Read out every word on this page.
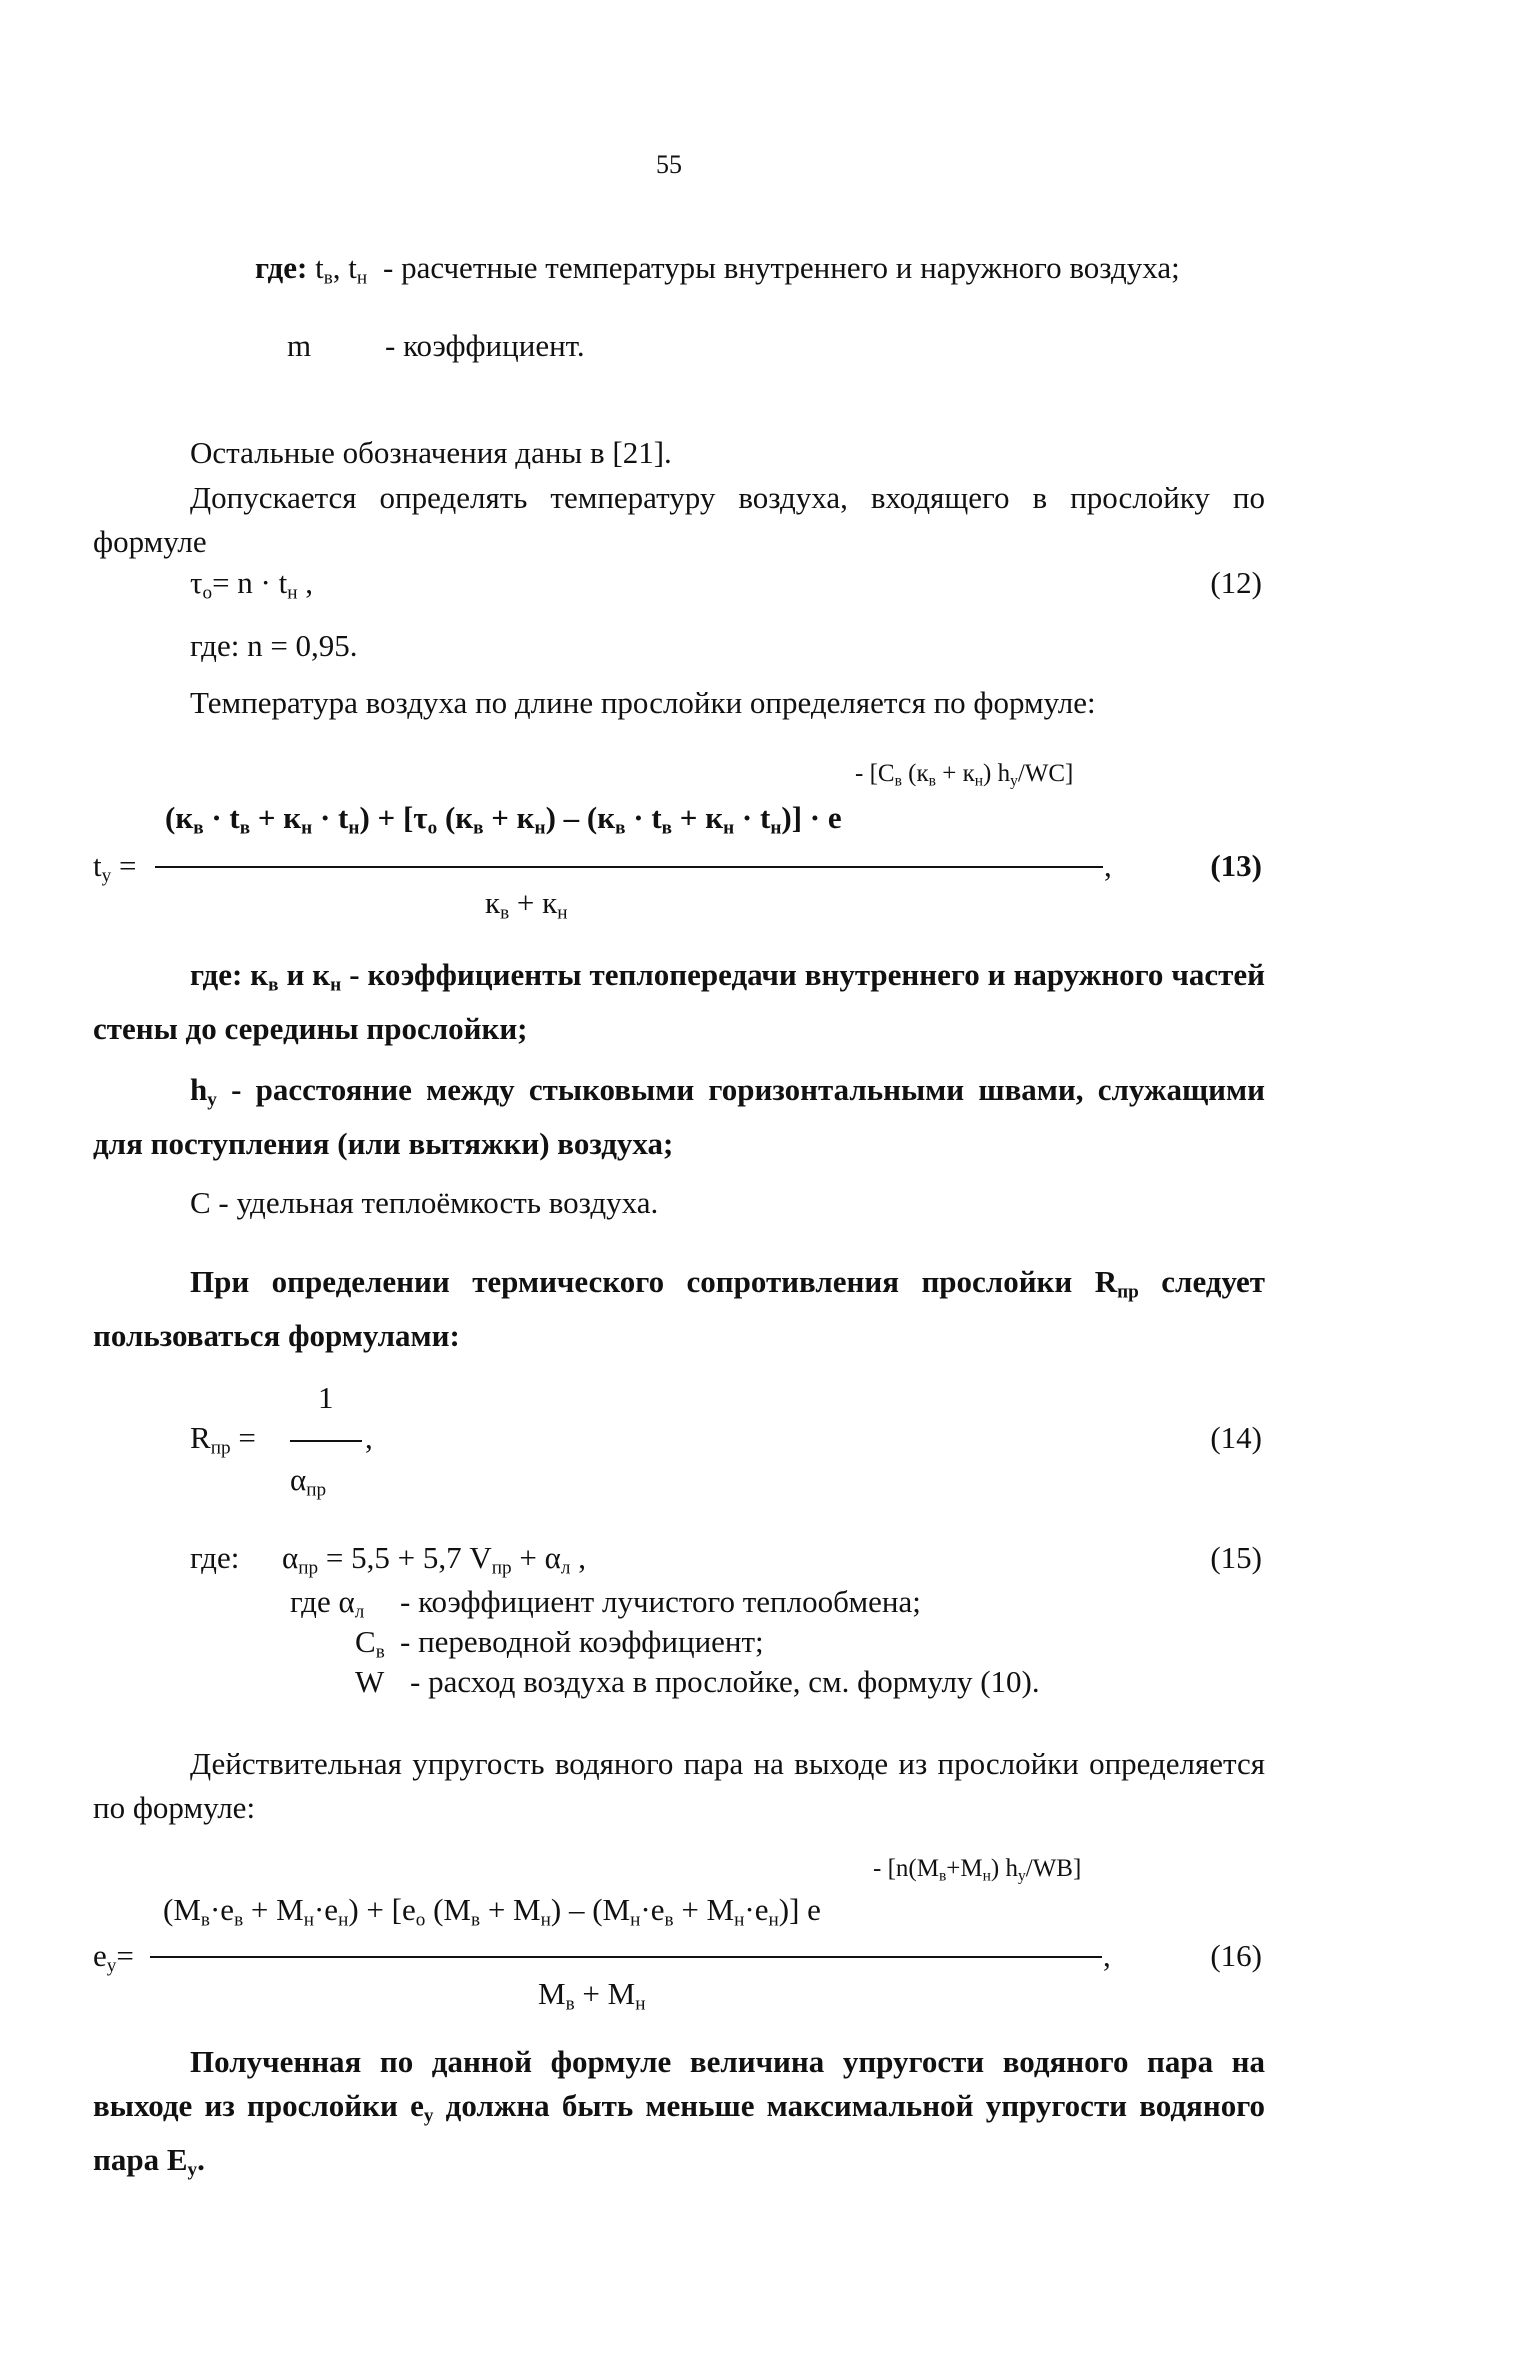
55
где: $t_в$, $t_н$ - расчетные температуры внутреннего и наружного воздуха;
m - коэффициент.
Остальные обозначения даны в [21].
Допускается определять температуру воздуха, входящего в прослойку по формуле
$\tau_о= n \cdot t_н$ ,	(12)
где: n = 0,95.
Температура воздуха по длине прослойки определяется по формуле:
- [$С_в$ $(к_в + к_н)$ $h_у/WС$]
$(к_в \cdot t_в + к_н \cdot t_н) + [\tau_о$ $(к_в + к_н) - (к_в \cdot t_в + к_н \cdot t_н)] \cdot е$
$t_у$ =	,	(13)
$к_в + к_н$
где: $к_в$ и $к_н$ - коэффициенты теплопередачи внутреннего и наружного частей стены до середины прослойки;
$h_у$ - расстояние между стыковыми горизонтальными швами, служащими для поступления (или вытяжки) воздуха;
С - удельная теплоёмкость воздуха.
При определении термического сопротивления прослойки $R_{пр}$ следует пользоваться формулами:
1
$R_{пр}$ =	,	(14)
$\alpha_{пр}$
где: $\alpha_{пр} = 5,5 + 5,7$ $V_{пр} + \alpha_л$ ,	(15)
где $\alpha_л$ - коэффициент лучистого теплообмена;
$С_в$ - переводной коэффициент;
W - расход воздуха в прослойке, см. формулу (10).
Действительная упругость водяного пара на выходе из прослойки определяется по формуле:
- [$n(М_в+М_н)$ $h_у/WВ$]
$(М_в\cdot е_в + М_н\cdot е_н) + [е_о$ $(М_в + М_н) - (М_н\cdot е_в + М_н\cdot е_н)$] е
$е_у=$	,	(16)
$М_в + М_н$
Полученная по данной формуле величина упругости водяного пара на выходе из прослойки $е_у$ должна быть меньше максимальной упругости водяного пара $Е_у$.
